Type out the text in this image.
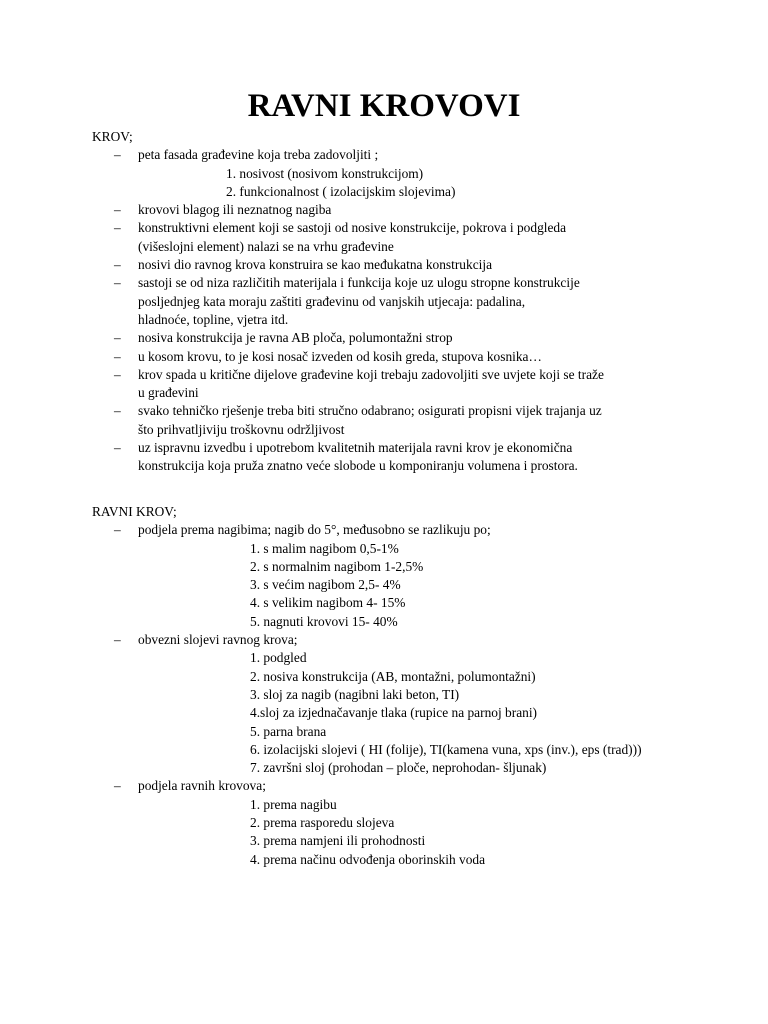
RAVNI KROVOVI
KROV;
– peta fasada građevine koja treba zadovoljiti ;
1. nosivost (nosivom konstrukcijom)
2. funkcionalnost ( izolacijskim slojevima)
– krovovi blagog ili neznatnog nagiba
– konstruktivni element koji se sastoji od nosive konstrukcije, pokrova i podgleda
(višeslojni element) nalazi se na vrhu građevine
– nosivi dio ravnog krova konstruira se kao međukatna konstrukcija
– sastoji se od niza različitih materijala i funkcija koje uz ulogu stropne konstrukcije
posljednjeg kata moraju zaštiti građevinu od vanjskih utjecaja: padalina,
hladnoće, topline, vjetra itd.
– nosiva konstrukcija je ravna AB ploča, polumontažni strop
– u kosom krovu, to je kosi nosač izveden od kosih greda, stupova kosnika…
– krov spada u kritične dijelove građevine koji trebaju zadovoljiti sve uvjete koji se traže
u građevini
– svako tehničko rješenje treba biti stručno odabrano; osigurati propisni vijek trajanja uz
što prihvatljiviju troškovnu održljivost
– uz ispravnu izvedbu i upotrebom kvalitetnih materijala ravni krov je ekonomična
konstrukcija koja pruža znatno veće slobode u komponiranju volumena i prostora.
RAVNI KROV;
– podjela prema nagibima; nagib do 5°, međusobno se razlikuju po;
1. s malim nagibom 0,5-1%
2. s normalnim nagibom 1-2,5%
3. s većim nagibom 2,5- 4%
4. s velikim nagibom 4- 15%
5. nagnuti krovovi 15- 40%
– obvezni slojevi ravnog krova;
1. podgled
2. nosiva konstrukcija (AB, montažni, polumontažni)
3. sloj za nagib (nagibni laki beton, TI)
4.sloj za izjednačavanje tlaka (rupice na parnoj brani)
5. parna brana
6. izolacijski slojevi ( HI (folije), TI(kamena vuna, xps (inv.), eps (trad)))
7. završni sloj (prohodan – ploče, neprohodan- šljunak)
– podjela ravnih krovova;
1. prema nagibu
2. prema rasporedu slojeva
3. prema namjeni ili prohodnosti
4. prema načinu odvođenja oborinskih voda
